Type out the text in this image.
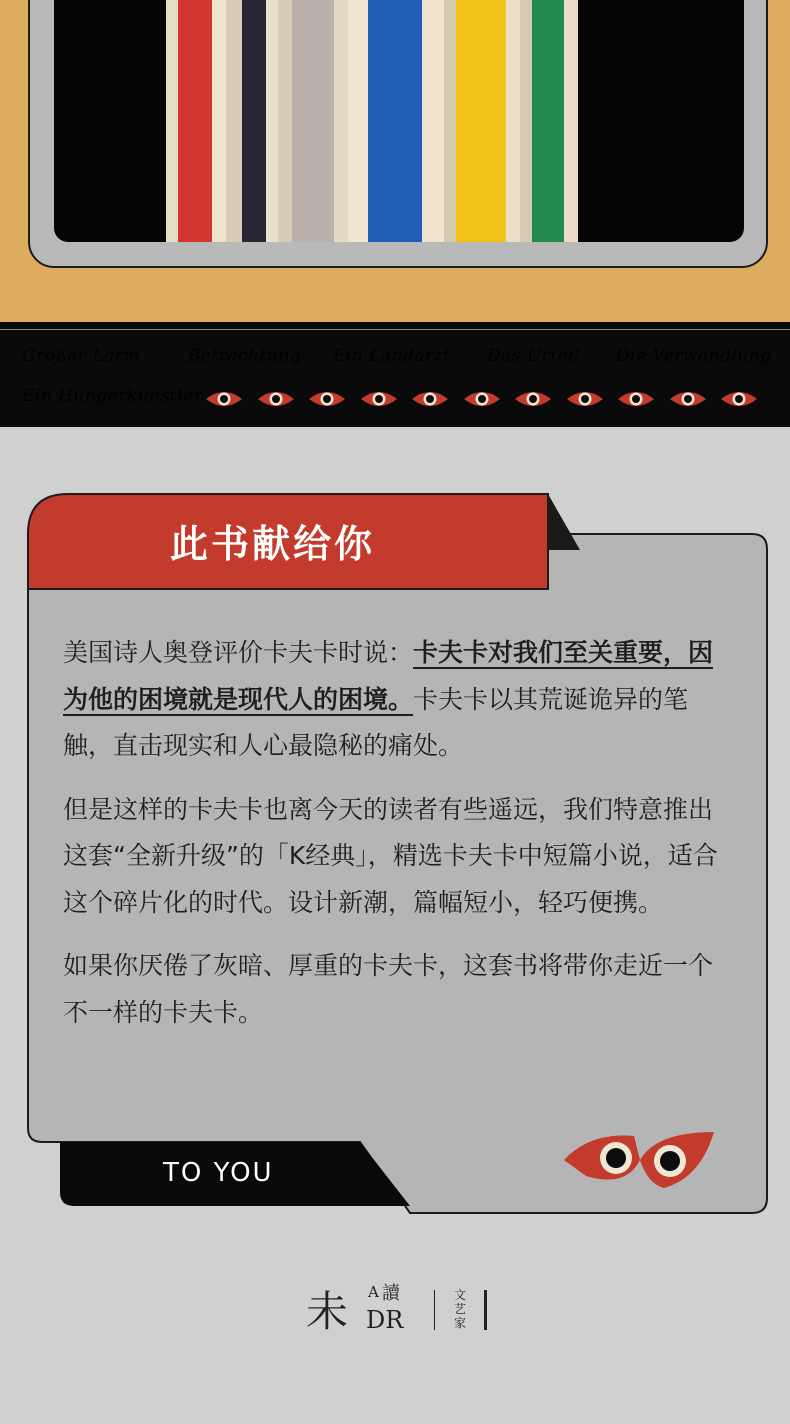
Großer Lärm	Betrachtung Ein Landarzt Das Urteil Die Verwandlung
Ein Hungerkünstler
此书献给你

美国诗人奥登评价卡夫卡时说：卡夫卡对我们至关重要，因为他的困境就是现代人的困境。卡夫卡以其荒诞诡异的笔触，直击现实和人心最隐秘的痛处。

但是这样的卡夫卡也离今天的读者有些遥远，我们特意推出这套“全新升级”的「K经典」，精选卡夫卡中短篇小说，适合这个碎片化的时代。设计新潮，篇幅短小，轻巧便携。

如果你厌倦了灰暗、厚重的卡夫卡，这套书将带你走近一个不一样的卡夫卡。

TO YOU
未 A 讀
DR
文艺家
